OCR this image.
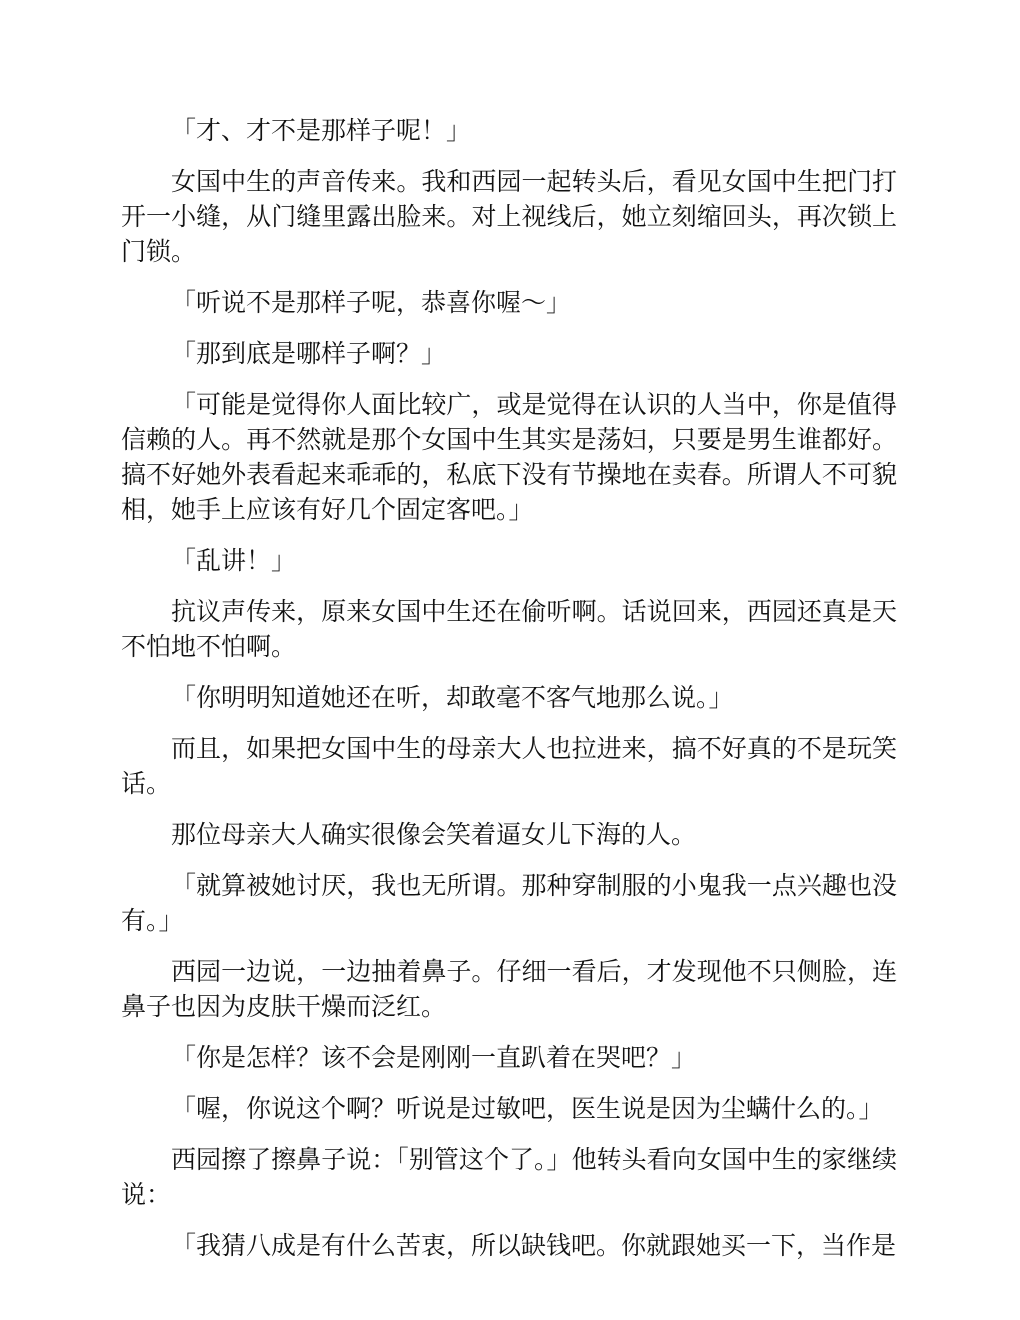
「才、才不是那样子呢！」

女国中生的声音传来。我和西园一起转头后，看见女国中生把门打开一小缝，从门缝里露出脸来。对上视线后，她立刻缩回头，再次锁上门锁。

「听说不是那样子呢，恭喜你喔～」

「那到底是哪样子啊？」

「可能是觉得你人面比较广，或是觉得在认识的人当中，你是值得信赖的人。再不然就是那个女国中生其实是荡妇，只要是男生谁都好。搞不好她外表看起来乖乖的，私底下没有节操地在卖春。所谓人不可貌相，她手上应该有好几个固定客吧。」

「乱讲！」

抗议声传来，原来女国中生还在偷听啊。话说回来，西园还真是天不怕地不怕啊。

「你明明知道她还在听，却敢毫不客气地那么说。」

而且，如果把女国中生的母亲大人也拉进来，搞不好真的不是玩笑话。

那位母亲大人确实很像会笑着逼女儿下海的人。

「就算被她讨厌，我也无所谓。那种穿制服的小鬼我一点兴趣也没有。」

西园一边说，一边抽着鼻子。仔细一看后，才发现他不只侧脸，连鼻子也因为皮肤干燥而泛红。

「你是怎样？该不会是刚刚一直趴着在哭吧？」

「喔，你说这个啊？听说是过敏吧，医生说是因为尘螨什么的。」

西园擦了擦鼻子说：「别管这个了。」他转头看向女国中生的家继续说：

「我猜八成是有什么苦衷，所以缺钱吧。你就跟她买一下，当作是
